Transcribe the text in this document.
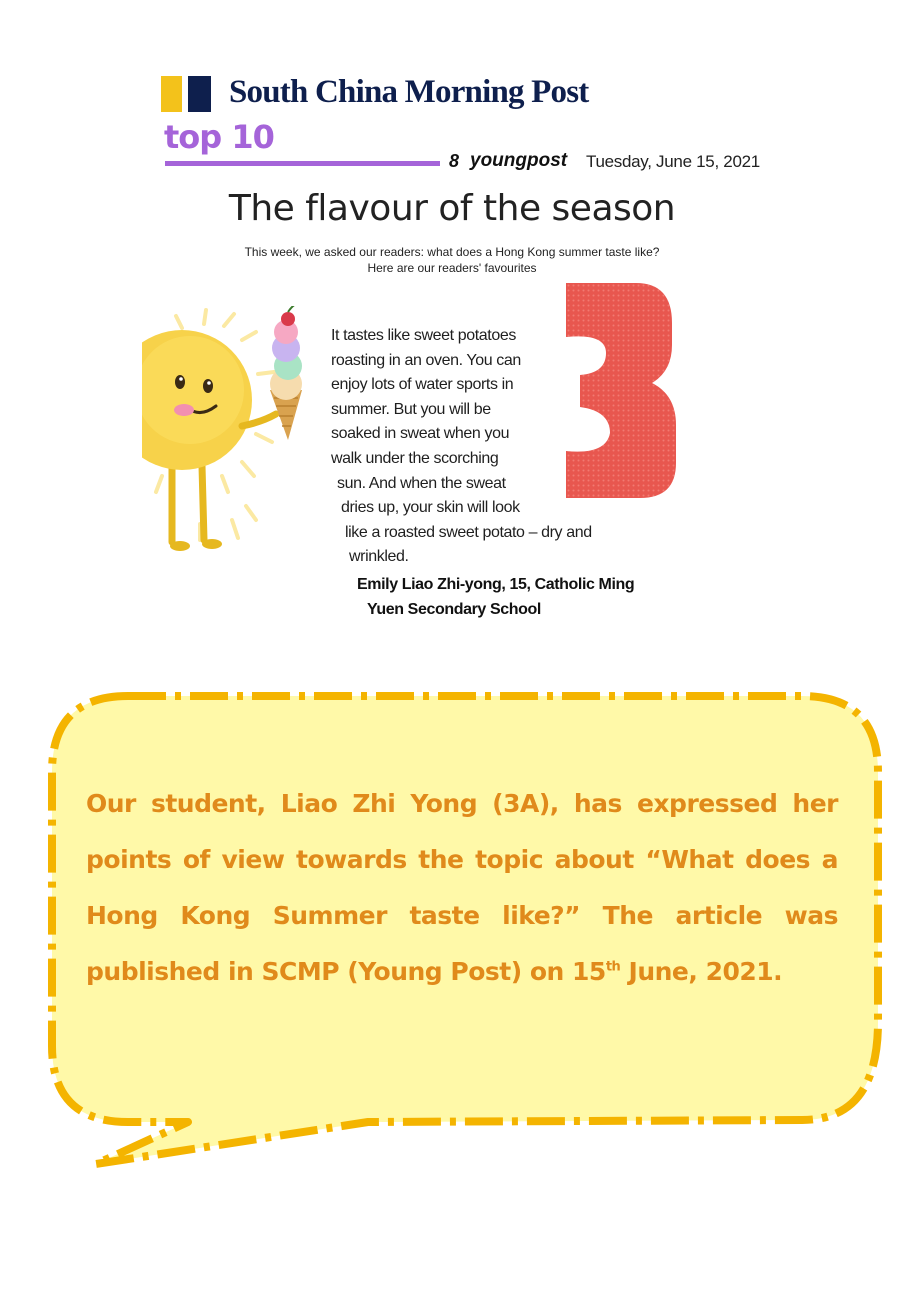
South China Morning Post
top 10
8 youngpost Tuesday, June 15, 2021
The flavour of the season
This week, we asked our readers: what does a Hong Kong summer taste like?
Here are our readers' favourites
It tastes like sweet potatoes
roasting in an oven. You can
enjoy lots of water sports in
summer. But you will be
soaked in sweat when you
walk under the scorching
sun. And when the sweat
dries up, your skin will look
like a roasted sweet potato – dry and
wrinkled.
Emily Liao Zhi-yong, 15, Catholic Ming
Yuen Secondary School
Our student, Liao Zhi Yong (3A), has expressed her points of view towards the topic about “What does a Hong Kong Summer taste like?” The article was published in SCMP (Young Post) on 15th June, 2021.
